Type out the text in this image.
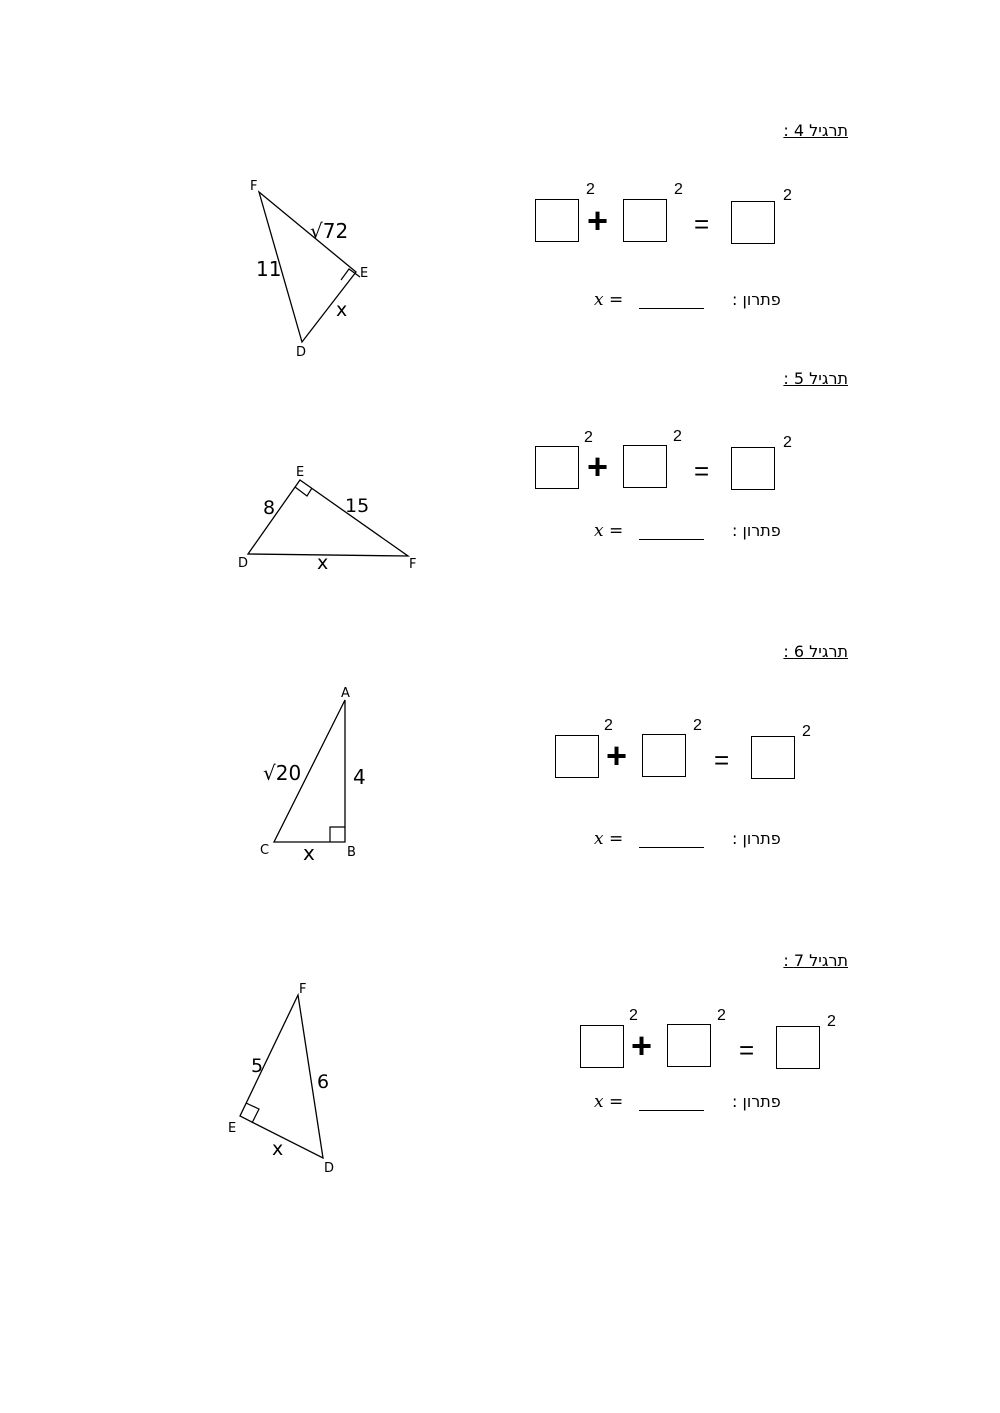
תרגיל 4 :
F
E
D
√72
11
x
2
+
2
=
2
x =	פתרון :
תרגיל 5 :
E
D	F
8	15
x
2
+
2
=
2
x =	פתרון :
תרגיל 6 :
A
C	B
√20	4
x
2
+
2
=
2
x =	פתרון :
תרגיל 7 :
F
E
D
5
6
x
2
+
2
=
2
x =	פתרון :
